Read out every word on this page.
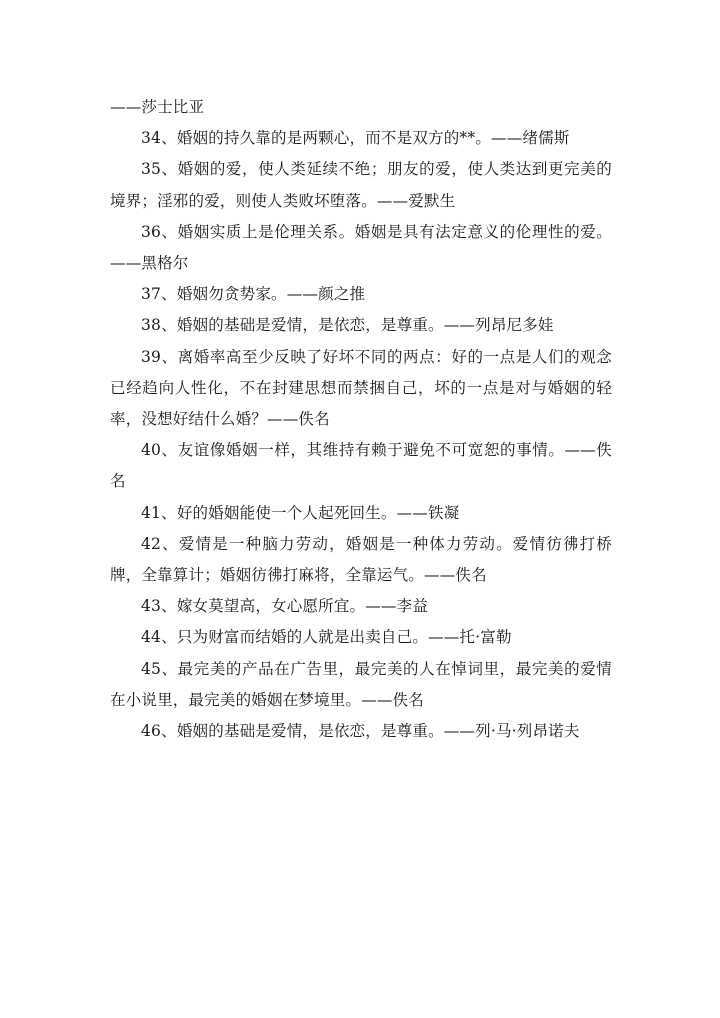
——莎士比亚

34、婚姻的持久靠的是两颗心，而不是双方的**。——绪儒斯

35、婚姻的爱，使人类延续不绝；朋友的爱，使人类达到更完美的境界；淫邪的爱，则使人类败坏堕落。——爱默生

36、婚姻实质上是伦理关系。婚姻是具有法定意义的伦理性的爱。——黑格尔

37、婚姻勿贪势家。——颜之推

38、婚姻的基础是爱情，是依恋，是尊重。——列昂尼多娃

39、离婚率高至少反映了好坏不同的两点：好的一点是人们的观念已经趋向人性化，不在封建思想而禁捆自己，坏的一点是对与婚姻的轻率，没想好结什么婚？——佚名

40、友谊像婚姻一样，其维持有赖于避免不可宽恕的事情。——佚名

41、好的婚姻能使一个人起死回生。——铁凝

42、爱情是一种脑力劳动，婚姻是一种体力劳动。爱情彷彿打桥牌，全靠算计；婚姻彷彿打麻将，全靠运气。——佚名

43、嫁女莫望高，女心愿所宜。——李益

44、只为财富而结婚的人就是出卖自己。——托·富勒

45、最完美的产品在广告里，最完美的人在悼词里，最完美的爱情在小说里，最完美的婚姻在梦境里。——佚名

46、婚姻的基础是爱情，是依恋，是尊重。——列·马·列昂诺夫
